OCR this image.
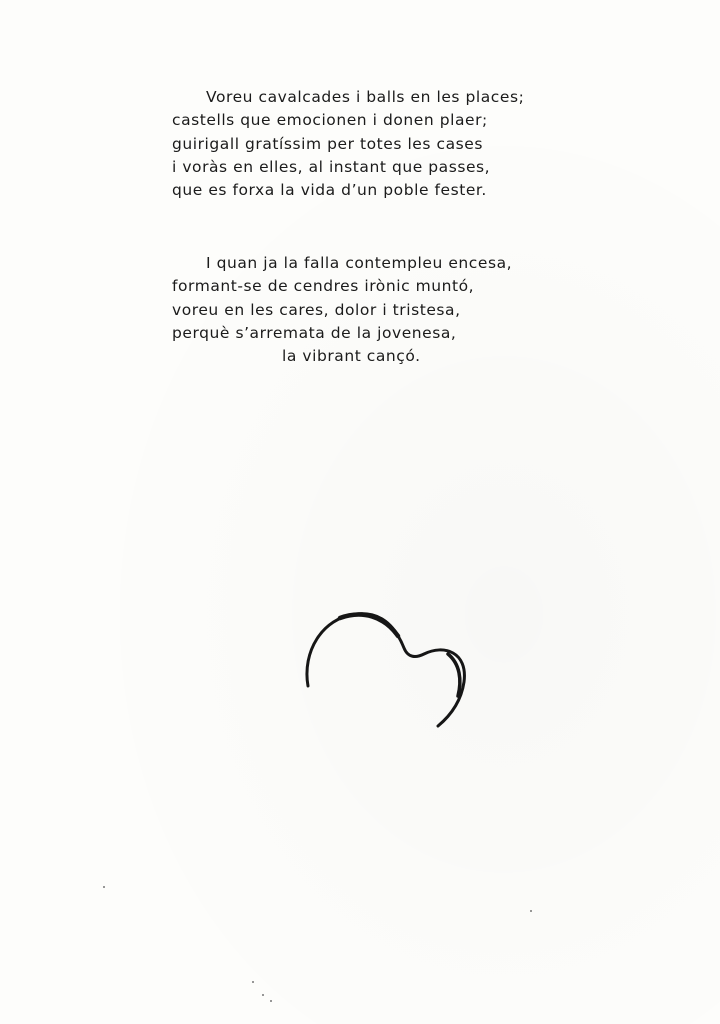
Voreu cavalcades i balls en les places;
castells que emocionen i donen plaer;
guirigall gratíssim per totes les cases
i voràs en elles, al instant que passes,
que es forxa la vida d’un poble fester.
I quan ja la falla contempleu encesa,
formant-se de cendres irònic muntó,
voreu en les cares, dolor i tristesa,
perquè s’arremata de la jovenesa,
la vibrant cançó.
